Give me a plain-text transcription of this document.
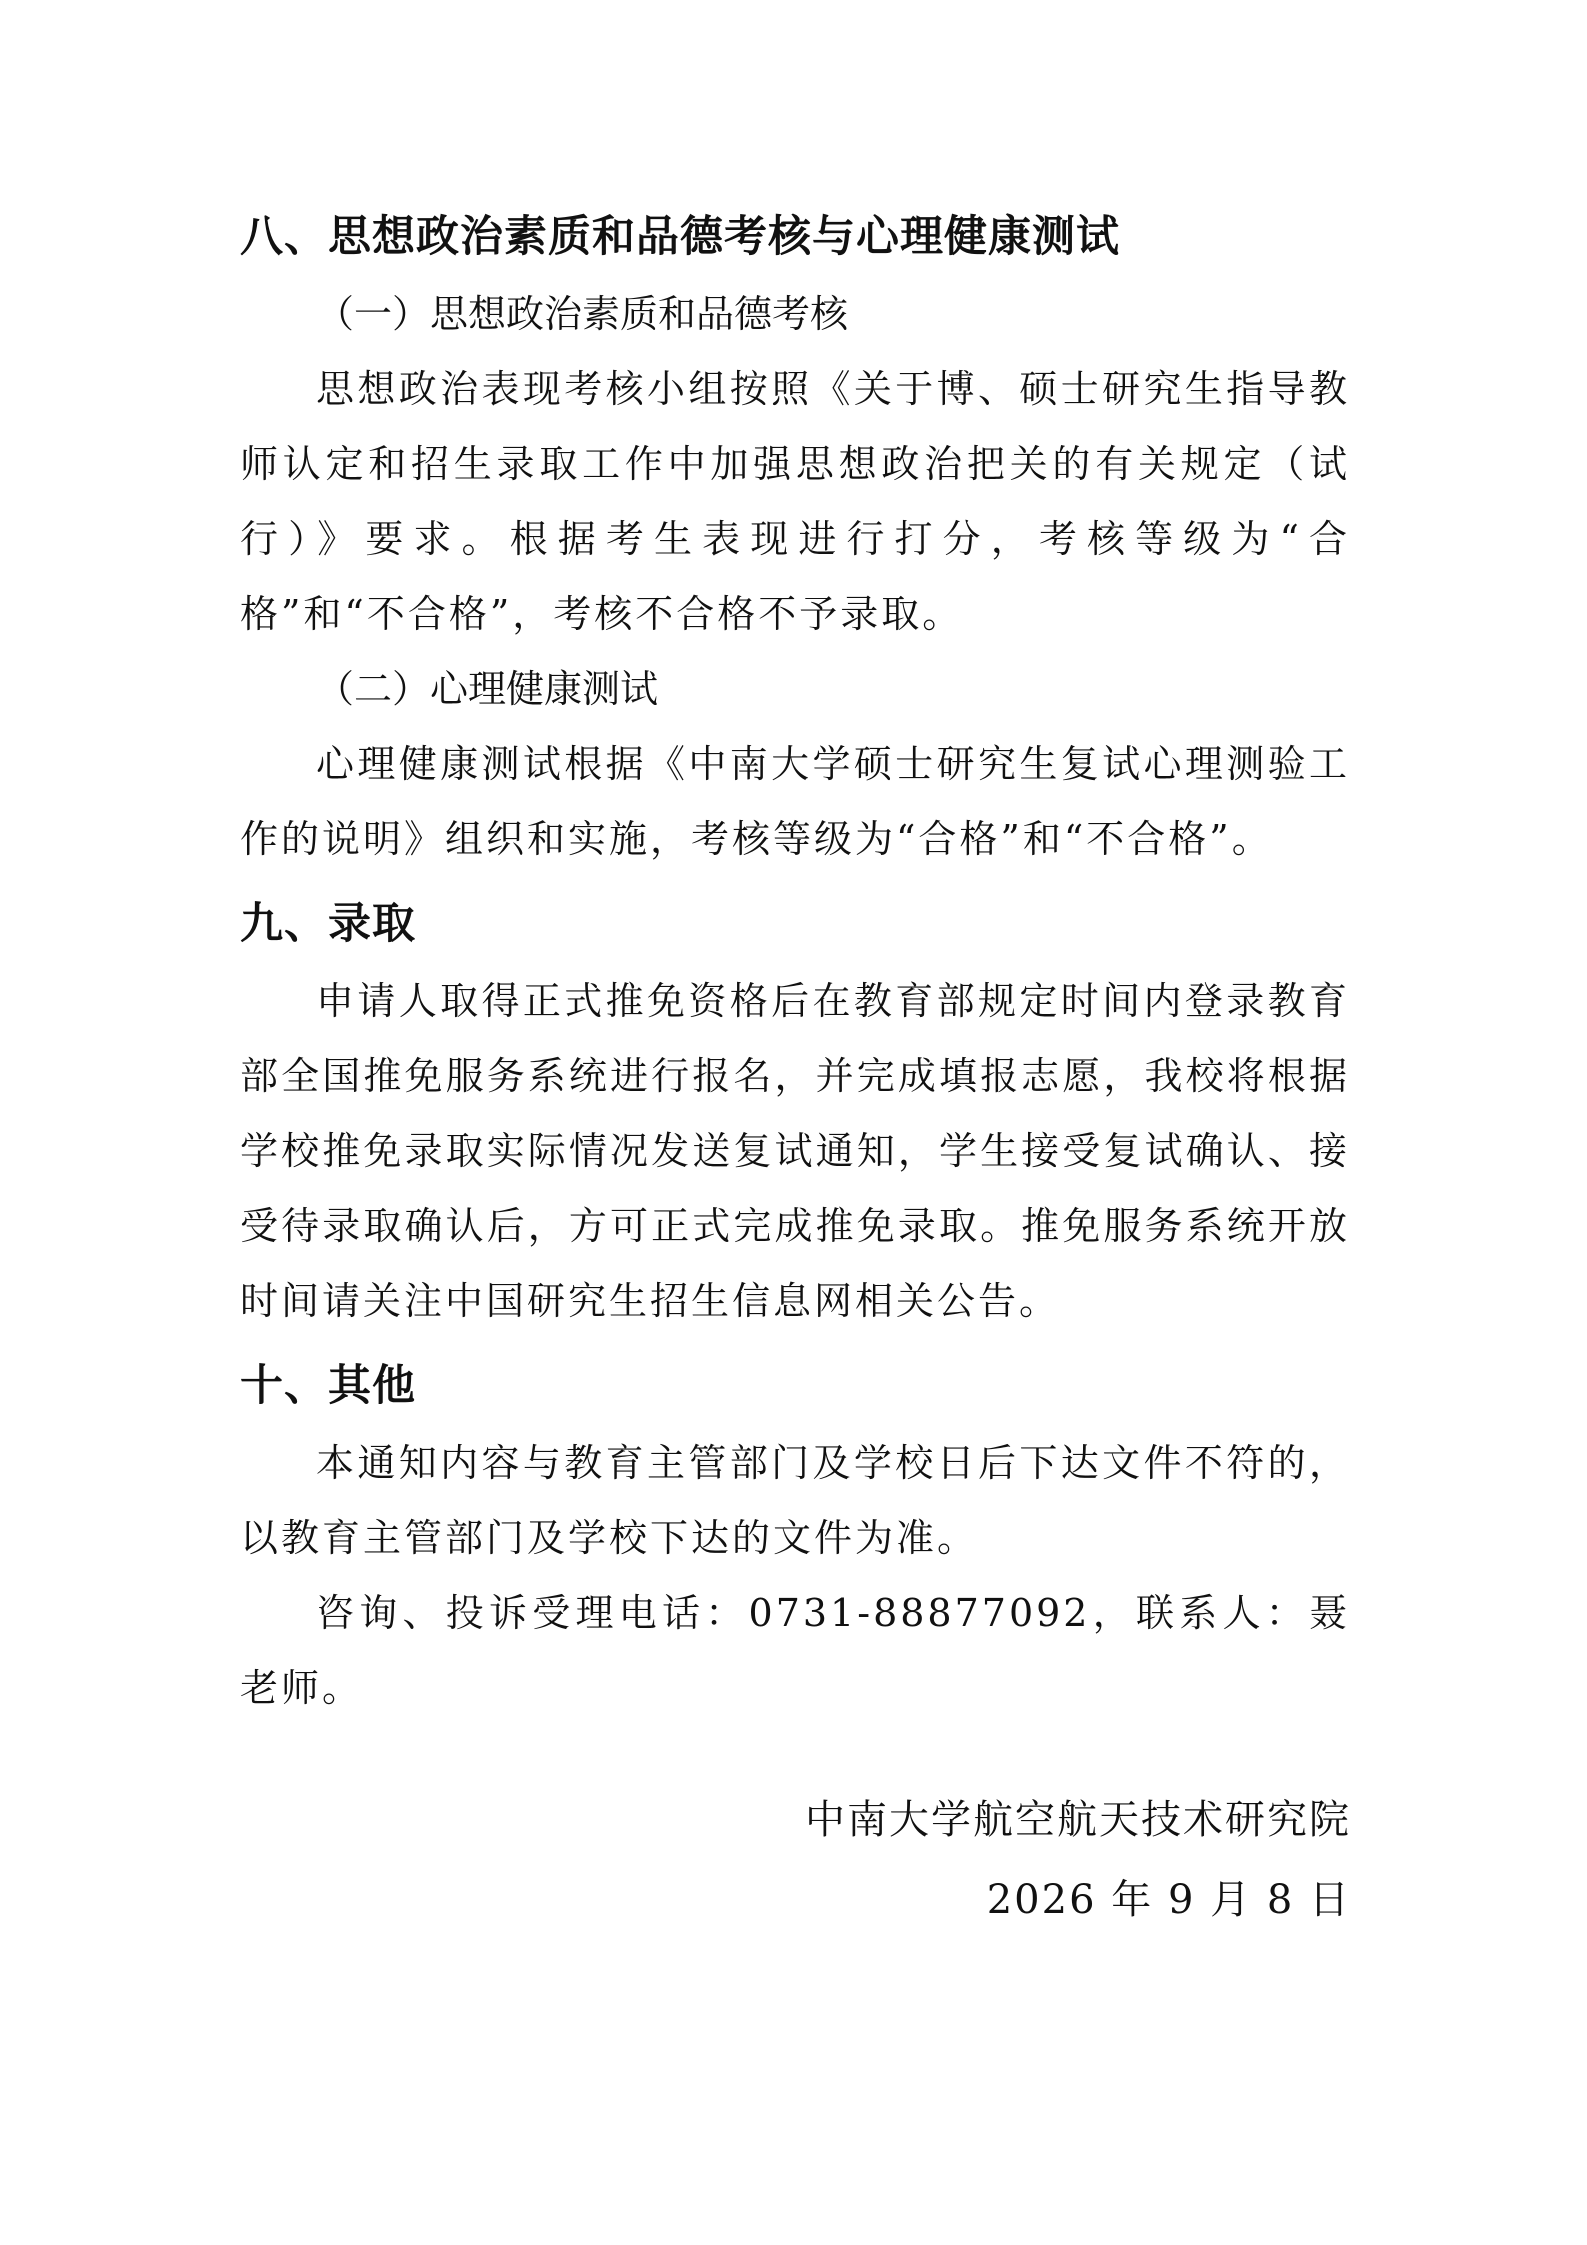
八、思想政治素质和品德考核与心理健康测试

（一）思想政治素质和品德考核

思想政治表现考核小组按照《关于博、硕士研究生指导教师认定和招生录取工作中加强思想政治把关的有关规定（试行）》要求。根据考生表现进行打分，考核等级为“合格”和“不合格”，考核不合格不予录取。

（二）心理健康测试

心理健康测试根据《中南大学硕士研究生复试心理测验工作的说明》组织和实施，考核等级为“合格”和“不合格”。

九、录取

申请人取得正式推免资格后在教育部规定时间内登录教育部全国推免服务系统进行报名，并完成填报志愿，我校将根据学校推免录取实际情况发送复试通知，学生接受复试确认、接受待录取确认后，方可正式完成推免录取。推免服务系统开放时间请关注中国研究生招生信息网相关公告。

十、其他

本通知内容与教育主管部门及学校日后下达文件不符的，以教育主管部门及学校下达的文件为准。

咨询、投诉受理电话：0731-88877092，联系人：聂老师。

中南大学航空航天技术研究院
2026 年 9 月 8 日
